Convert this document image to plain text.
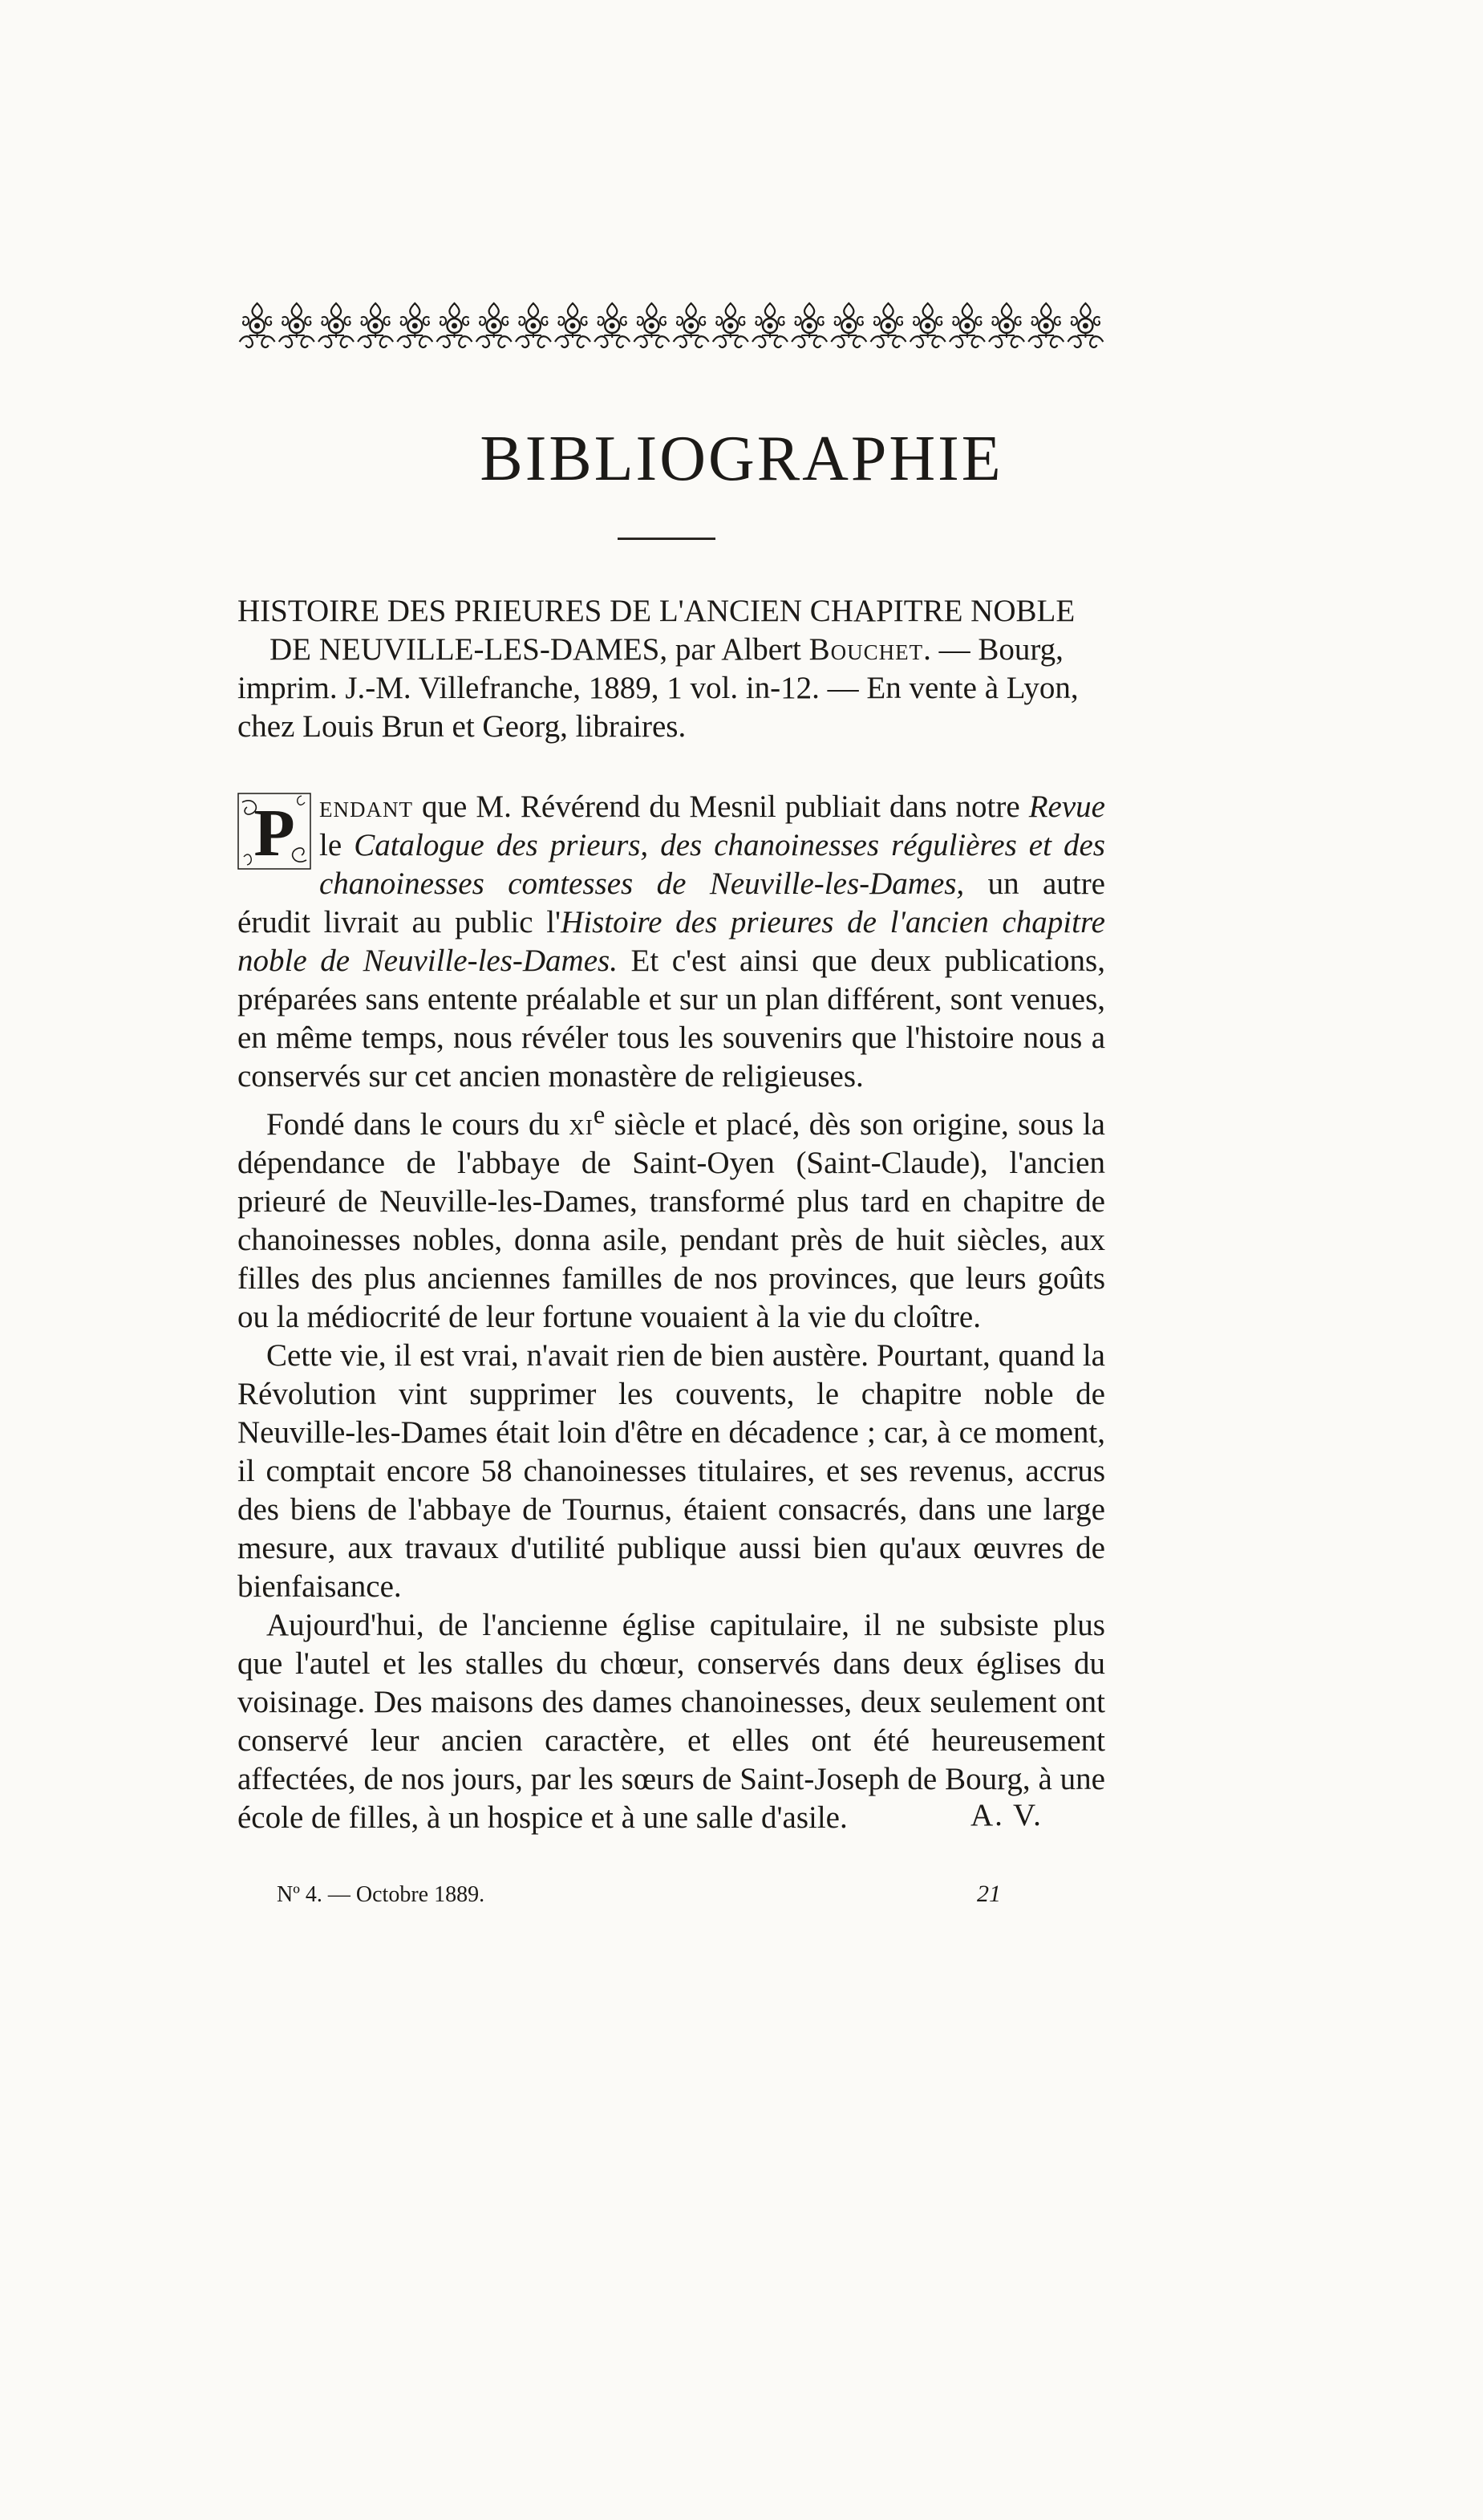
BIBLIOGRAPHIE

HISTOIRE DES PRIEURES DE L'ANCIEN CHAPITRE NOBLE
DE NEUVILLE-LES-DAMES, par Albert Bouchet. — Bourg, imprim. J.-M. Villefranche, 1889, 1 vol. in-12. — En vente à Lyon, chez Louis Brun et Georg, libraires.

P endant que M. Révérend du Mesnil publiait dans notre Revue le Catalogue des prieurs, des chanoinesses régulières et des chanoinesses comtesses de Neuville-les-Dames, un autre érudit livrait au public l'Histoire des prieures de l'ancien chapitre noble de Neuville-les-Dames. Et c'est ainsi que deux publications, préparées sans entente préalable et sur un plan différent, sont venues, en même temps, nous révéler tous les souvenirs que l'histoire nous a conservés sur cet ancien monastère de religieuses.

Fondé dans le cours du $xi^e$ siècle et placé, dès son origine, sous la dépendance de l'abbaye de Saint-Oyen (Saint-Claude), l'ancien prieuré de Neuville-les-Dames, transformé plus tard en chapitre de chanoinesses nobles, donna asile, pendant près de huit siècles, aux filles des plus anciennes familles de nos provinces, que leurs goûts ou la médiocrité de leur fortune vouaient à la vie du cloître.

Cette vie, il est vrai, n'avait rien de bien austère. Pourtant, quand la Révolution vint supprimer les couvents, le chapitre noble de Neuville-les-Dames était loin d'être en décadence ; car, à ce moment, il comptait encore 58 chanoinesses titulaires, et ses revenus, accrus des biens de l'abbaye de Tournus, étaient consacrés, dans une large mesure, aux travaux d'utilité publique aussi bien qu'aux œuvres de bienfaisance.

Aujourd'hui, de l'ancienne église capitulaire, il ne subsiste plus que l'autel et les stalles du chœur, conservés dans deux églises du voisinage. Des maisons des dames chanoinesses, deux seulement ont conservé leur ancien caractère, et elles ont été heureusement affectées, de nos jours, par les sœurs de Saint-Joseph de Bourg, à une école de filles, à un hospice et à une salle d'asile.	A. V.
Nº 4. — Octobre 1889.	21
